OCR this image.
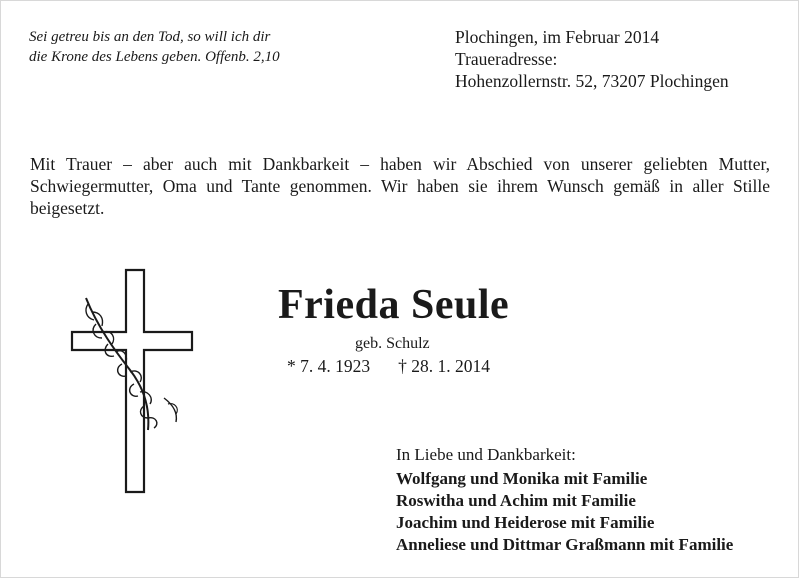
Sei getreu bis an den Tod, so will ich dir
die Krone des Lebens geben. Offenb. 2,10
Plochingen, im Februar 2014
Traueradresse:
Hohenzollernstr. 52, 73207 Plochingen
Mit Trauer – aber auch mit Dankbarkeit – haben wir Abschied von unserer geliebten Mutter, Schwiegermutter, Oma und Tante genommen. Wir haben sie ihrem Wunsch gemäß in aller Stille beigesetzt.
Frieda Seule
geb. Schulz
* 7. 4. 1923 † 28. 1. 2014
In Liebe und Dankbarkeit:
Wolfgang und Monika mit Familie
Roswitha und Achim mit Familie
Joachim und Heiderose mit Familie
Anneliese und Dittmar Graßmann mit Familie
